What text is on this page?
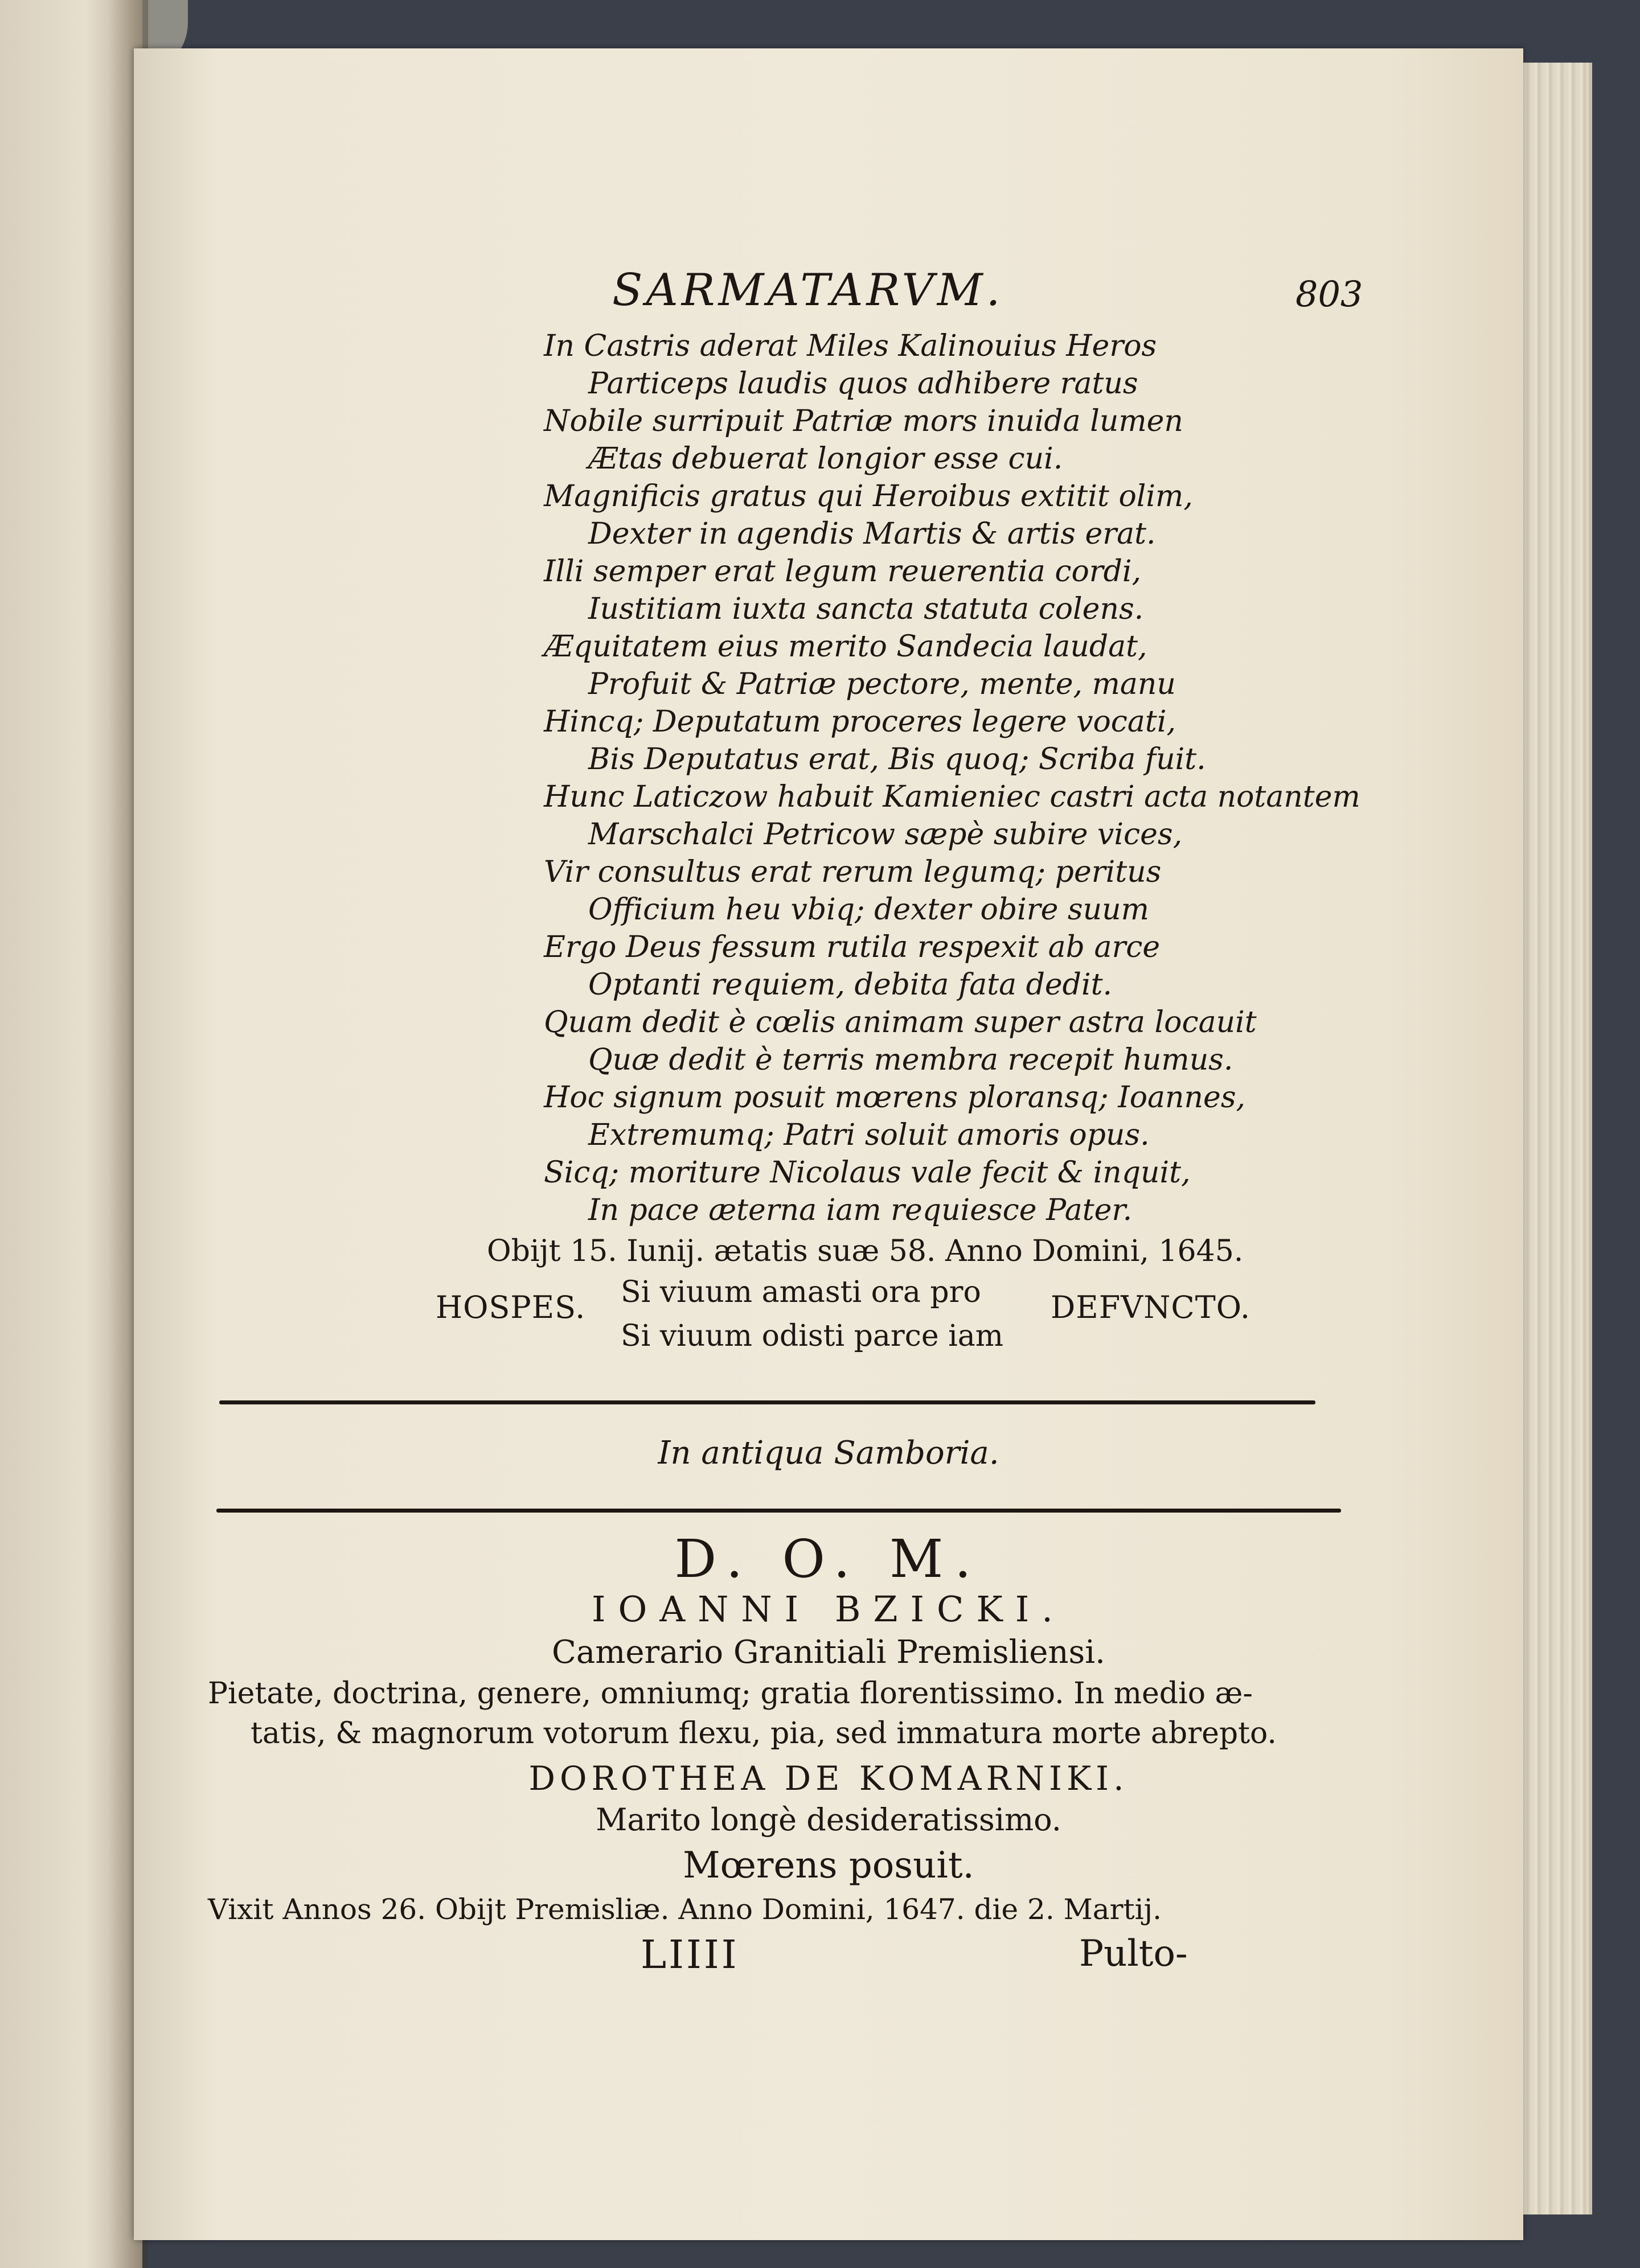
SARMATARVM.	803
In Castris aderat Miles Kalinouius Heros
Particeps laudis quos adhibere ratus
Nobile surripuit Patriæ mors inuida lumen
Ætas debuerat longior esse cui.
Magnificis gratus qui Heroibus extitit olim,
Dexter in agendis Martis & artis erat.
Illi semper erat legum reuerentia cordi,
Iustitiam iuxta sancta statuta colens.
Æquitatem eius merito Sandecia laudat,
Profuit & Patriæ pectore, mente, manu
Hincq; Deputatum proceres legere vocati,
Bis Deputatus erat, Bis quoq; Scriba fuit.
Hunc Laticzow habuit Kamieniec castri acta notantem
Marschalci Petricow sæpè subire vices,
Vir consultus erat rerum legumq; peritus
Officium heu vbiq; dexter obire suum
Ergo Deus fessum rutila respexit ab arce
Optanti requiem, debita fata dedit.
Quam dedit è cœlis animam super astra locauit
Quæ dedit è terris membra recepit humus.
Hoc signum posuit mœrens ploransq; Ioannes,
Extremumq; Patri soluit amoris opus.
Sicq; moriture Nicolaus vale fecit & inquit,
In pace æterna iam requiesce Pater.
Obijt 15. Iunij. ætatis suæ 58. Anno Domini, 1645.
HOSPES. Si viuum amasti ora pro
Si viuum odisti parce iam
DEFVNCTO.
In antiqua Samboria.
D. O. M.
IOANNI BZICKI.
Camerario Granitiali Premisliensi.
Pietate, doctrina, genere, omniumq; gratia florentissimo. In medio æ-
tatis, & magnorum votorum flexu, pia, sed immatura morte abrepto.
DOROTHEA DE KOMARNIKI.
Marito longè desideratissimo.
Mœrens posuit.
Vixit Annos 26. Obijt Premisliæ. Anno Domini, 1647. die 2. Martij.
LIIII	Pulto-
